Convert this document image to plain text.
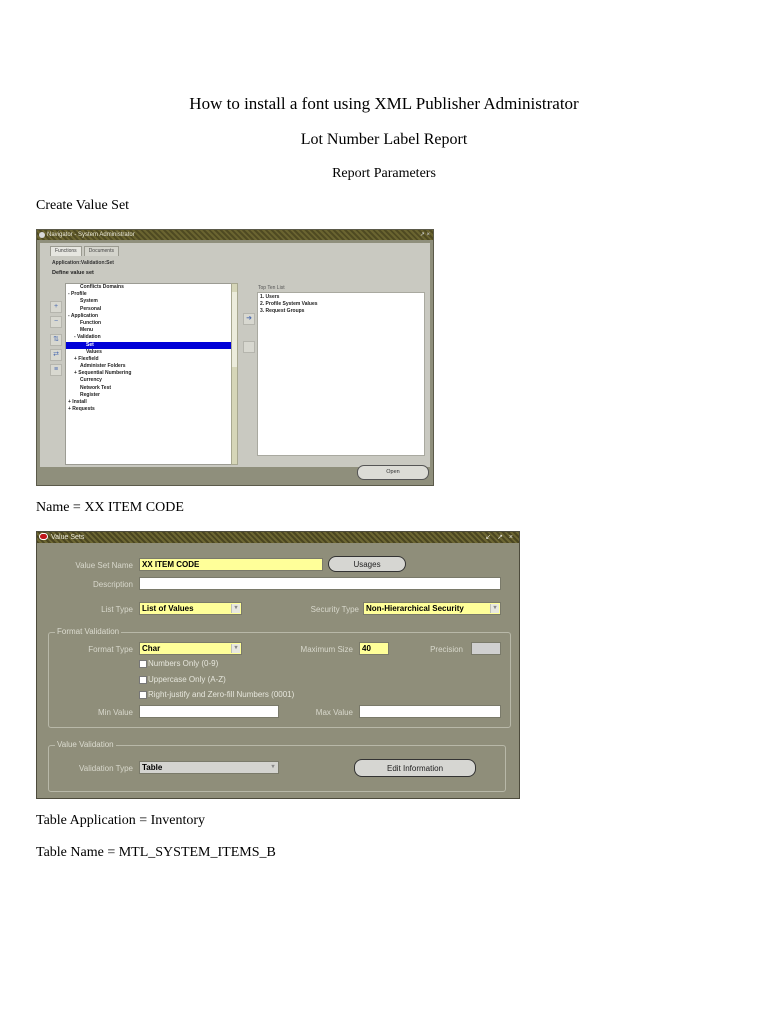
How to install a font using XML Publisher Administrator
Lot Number Label Report
Report Parameters
Create Value Set
Navigator - System Administrator	↗ ×
Functions	Documents
Application:Validation:Set
Define value set
+
−
⇅
⇄
≡
Conflicts Domains
- Profile
System
Personal
- Application
Function
Menu
- Validation
Set
Values
+ Flexfield
Administer Folders
+ Sequential Numbering
Currency
Network Test
Register
+ Install
+ Requests
➜
Top Ten List
1. Users
2. Profile System Values
3. Request Groups
Open
Name = XX ITEM CODE
Value Sets	↙ ↗ ×
Value Set Name	XX ITEM CODE	Usages
Description
List Type	List of Values	▾	Security Type Non-Hierarchical Security	▾
Format Validation
Format Type	Char	▾	Maximum Size	40	Precision
Numbers Only (0-9)
Uppercase Only (A-Z)
Right-justify and Zero-fill Numbers (0001)
Min Value	Max Value
Value Validation
Validation Type	Table	▾	Edit Information
Table Application = Inventory
Table Name = MTL_SYSTEM_ITEMS_B
